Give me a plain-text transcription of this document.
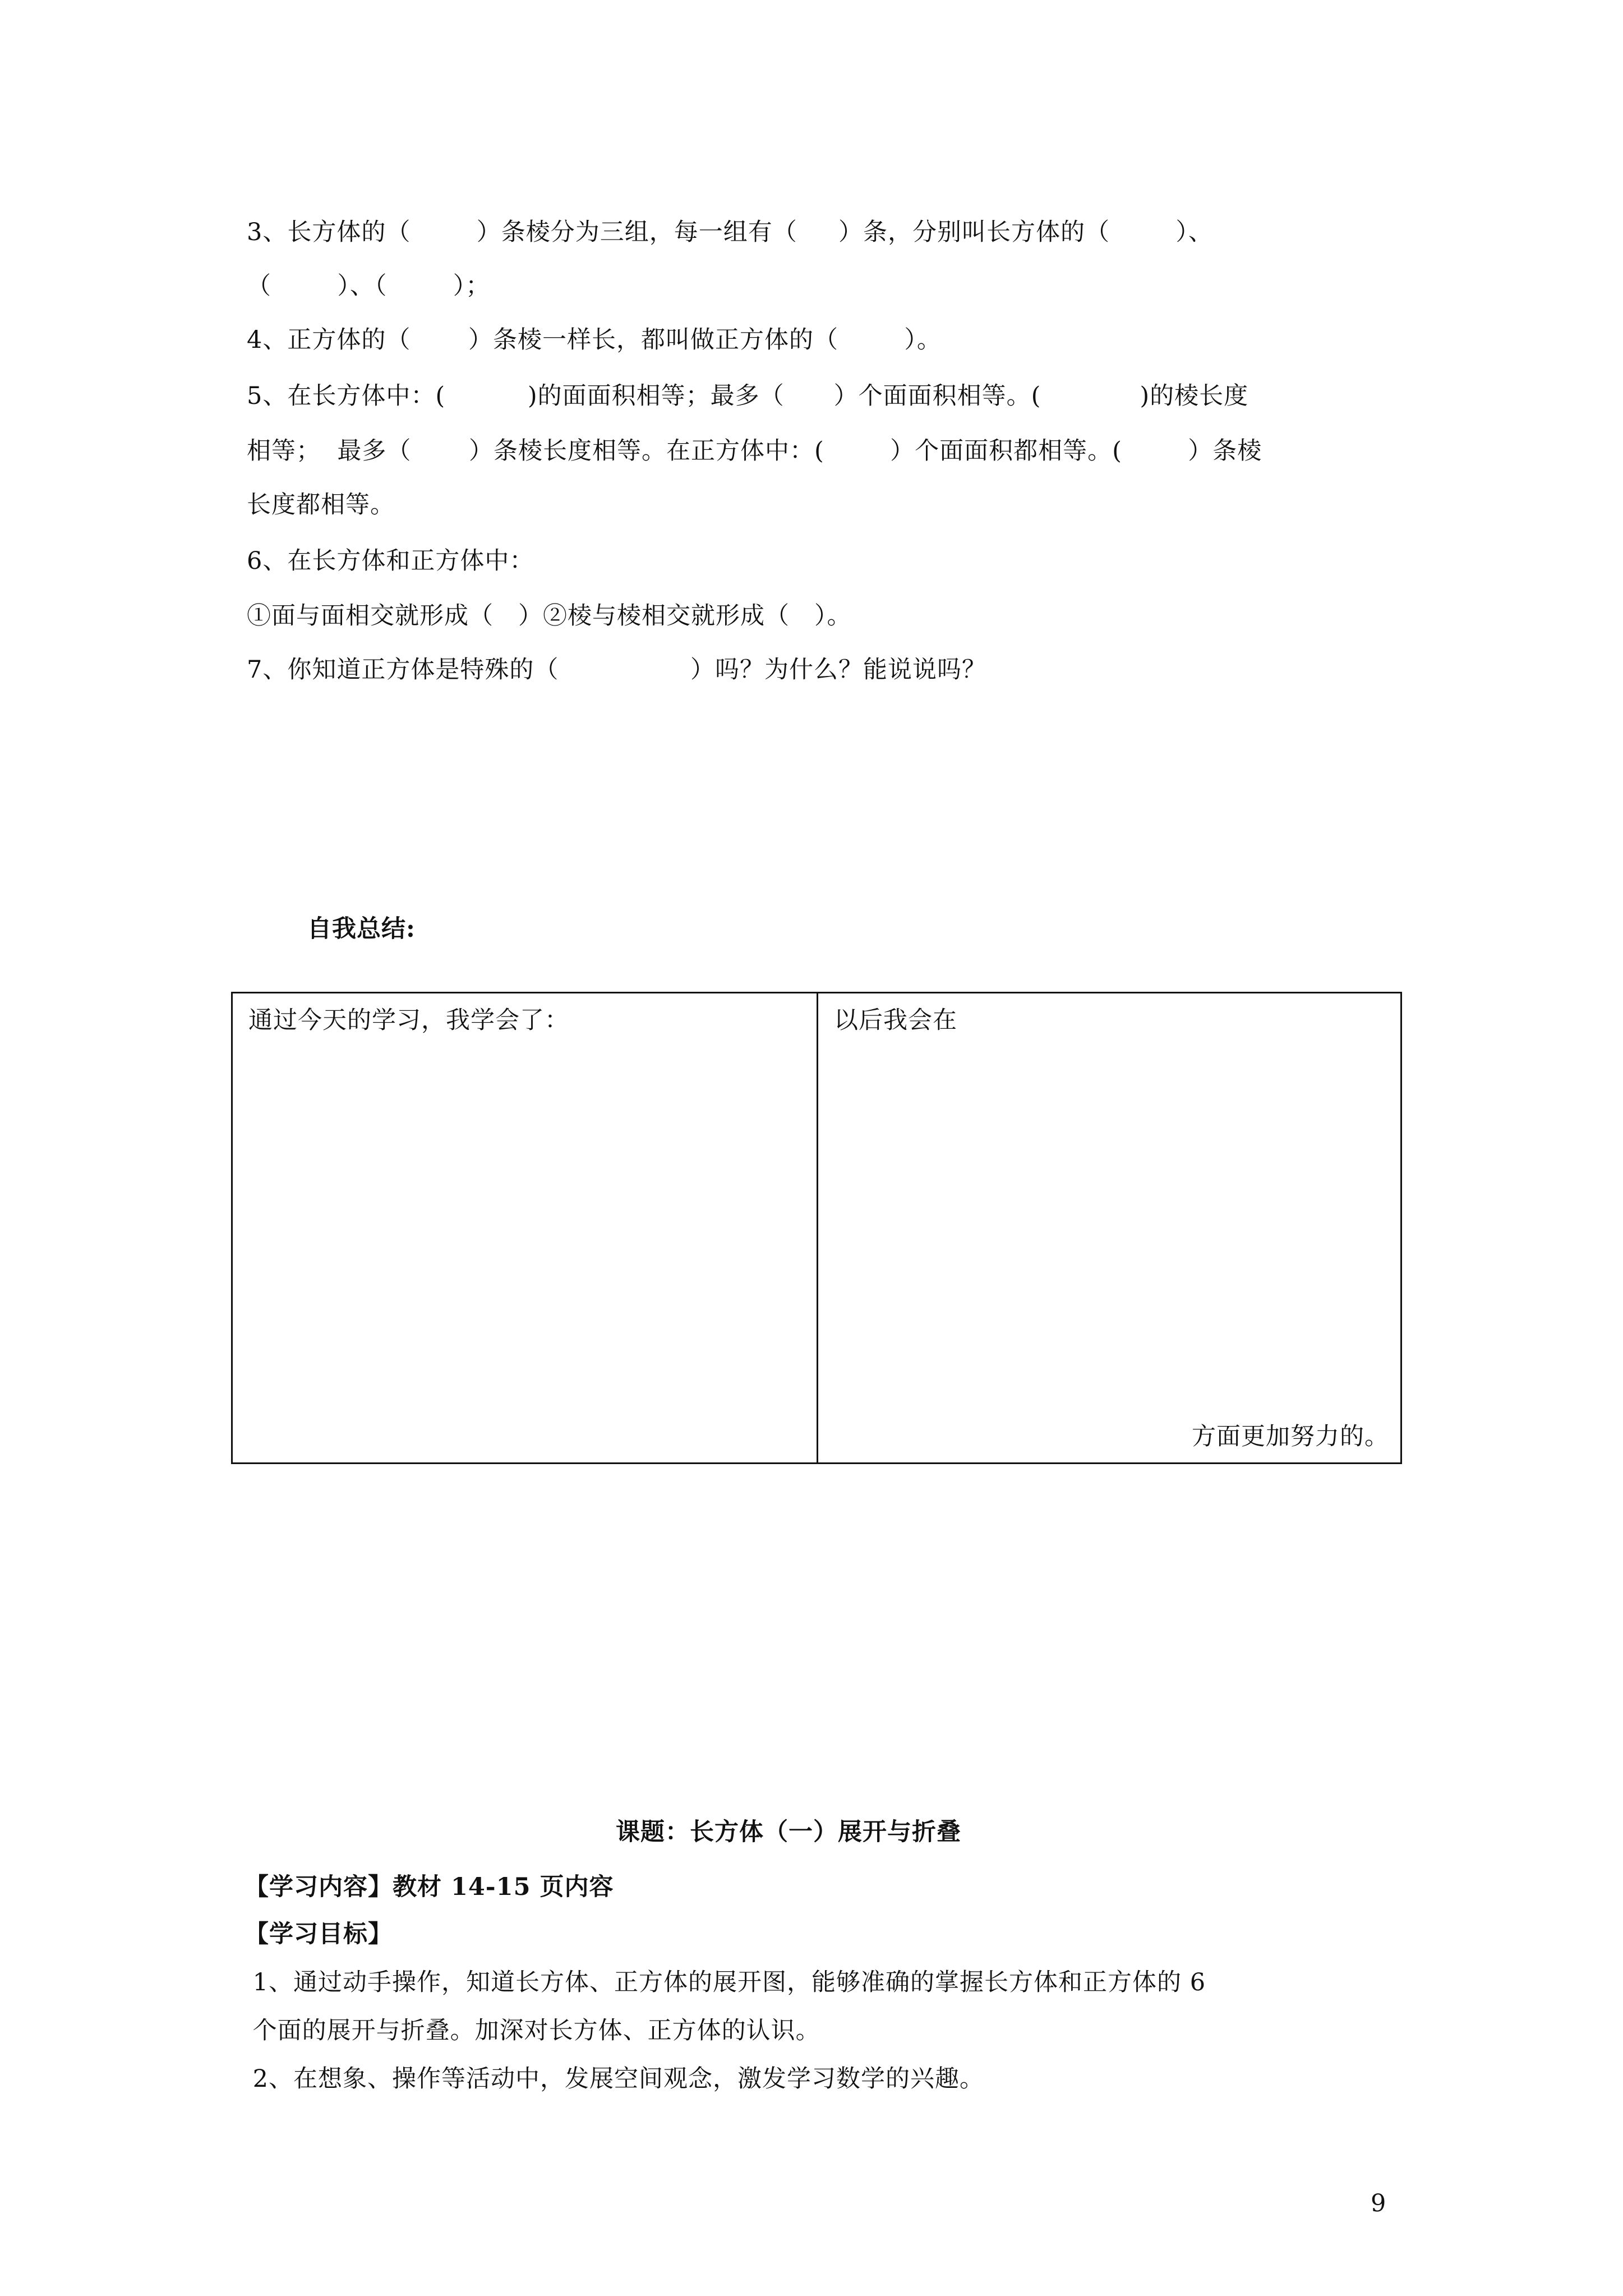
3、长方体的（        ）条棱分为三组，每一组有（     ）条，分别叫长方体的（        ）、
（        ）、（        ）；
4、正方体的（       ）条棱一样长，都叫做正方体的（        ）。
5、在长方体中：(          )的面面积相等；最多（      ）个面面积相等。(            )的棱长度
相等；  最多（       ）条棱长度相等。在正方体中：(        ）个面面积都相等。(        ）条棱
长度都相等。
6、在长方体和正方体中：
①面与面相交就形成（   ）②棱与棱相交就形成（   ）。
7、你知道正方体是特殊的（                ）吗？为什么？能说说吗？
自我总结:
通过今天的学习，我学会了：	以后我会在
方面更加努力的。
课题：长方体（一）展开与折叠
【学习内容】教材 14-15 页内容
【学习目标】
1、通过动手操作，知道长方体、正方体的展开图，能够准确的掌握长方体和正方体的 6
个面的展开与折叠。加深对长方体、正方体的认识。
2、在想象、操作等活动中，发展空间观念，激发学习数学的兴趣。
9
